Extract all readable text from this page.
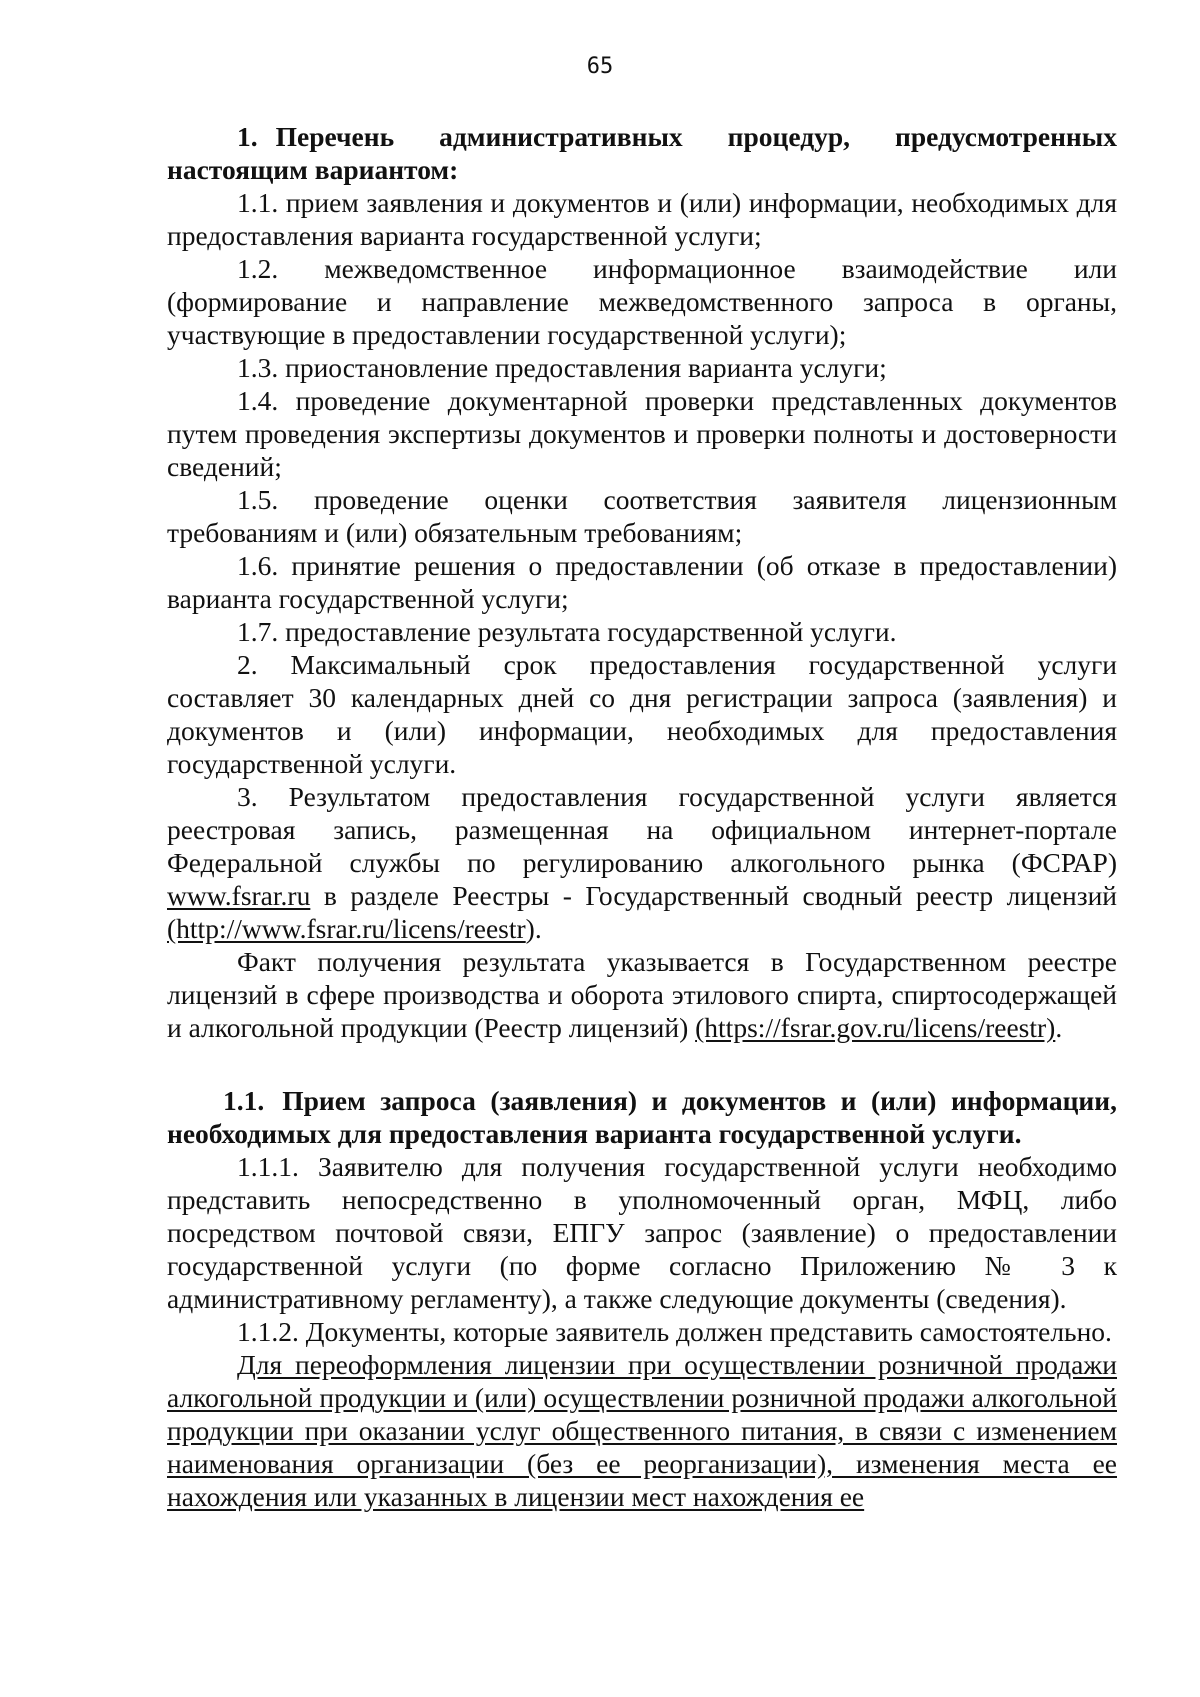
65

1. Перечень административных процедур, предусмотренных настоящим вариантом:

1.1. прием заявления и документов и (или) информации, необходимых для предоставления варианта государственной услуги;

1.2. межведомственное информационное взаимодействие или (формирование и направление межведомственного запроса в органы, участвующие в предоставлении государственной услуги);

1.3. приостановление предоставления варианта услуги;

1.4. проведение документарной проверки представленных документов путем проведения экспертизы документов и проверки полноты и достоверности сведений;

1.5. проведение оценки соответствия заявителя лицензионным требованиям и (или) обязательным требованиям;

1.6. принятие решения о предоставлении (об отказе в предоставлении) варианта государственной услуги;

1.7. предоставление результата государственной услуги.

2. Максимальный срок предоставления государственной услуги составляет 30 календарных дней со дня регистрации запроса (заявления) и документов и (или) информации, необходимых для предоставления государственной услуги.

3. Результатом предоставления государственной услуги является реестровая запись, размещенная на официальном интернет-портале Федеральной службы по регулированию алкогольного рынка (ФСРАР) www.fsrar.ru в разделе Реестры - Государственный сводный реестр лицензий (http://www.fsrar.ru/licens/reestr).

Факт получения результата указывается в Государственном реестре лицензий в сфере производства и оборота этилового спирта, спиртосодержащей и алкогольной продукции (Реестр лицензий) (https://fsrar.gov.ru/licens/reestr).

1.1. Прием запроса (заявления) и документов и (или) информации, необходимых для предоставления варианта государственной услуги.

1.1.1. Заявителю для получения государственной услуги необходимо представить непосредственно в уполномоченный орган, МФЦ, либо посредством почтовой связи, ЕПГУ запрос (заявление) о предоставлении государственной услуги (по форме согласно Приложению № 3 к административному регламенту), а также следующие документы (сведения).

1.1.2. Документы, которые заявитель должен представить самостоятельно.

Для переоформления лицензии при осуществлении розничной продажи алкогольной продукции и (или) осуществлении розничной продажи алкогольной продукции при оказании услуг общественного питания, в связи с изменением наименования организации (без ее реорганизации), изменения места ее нахождения или указанных в лицензии мест нахождения ее
